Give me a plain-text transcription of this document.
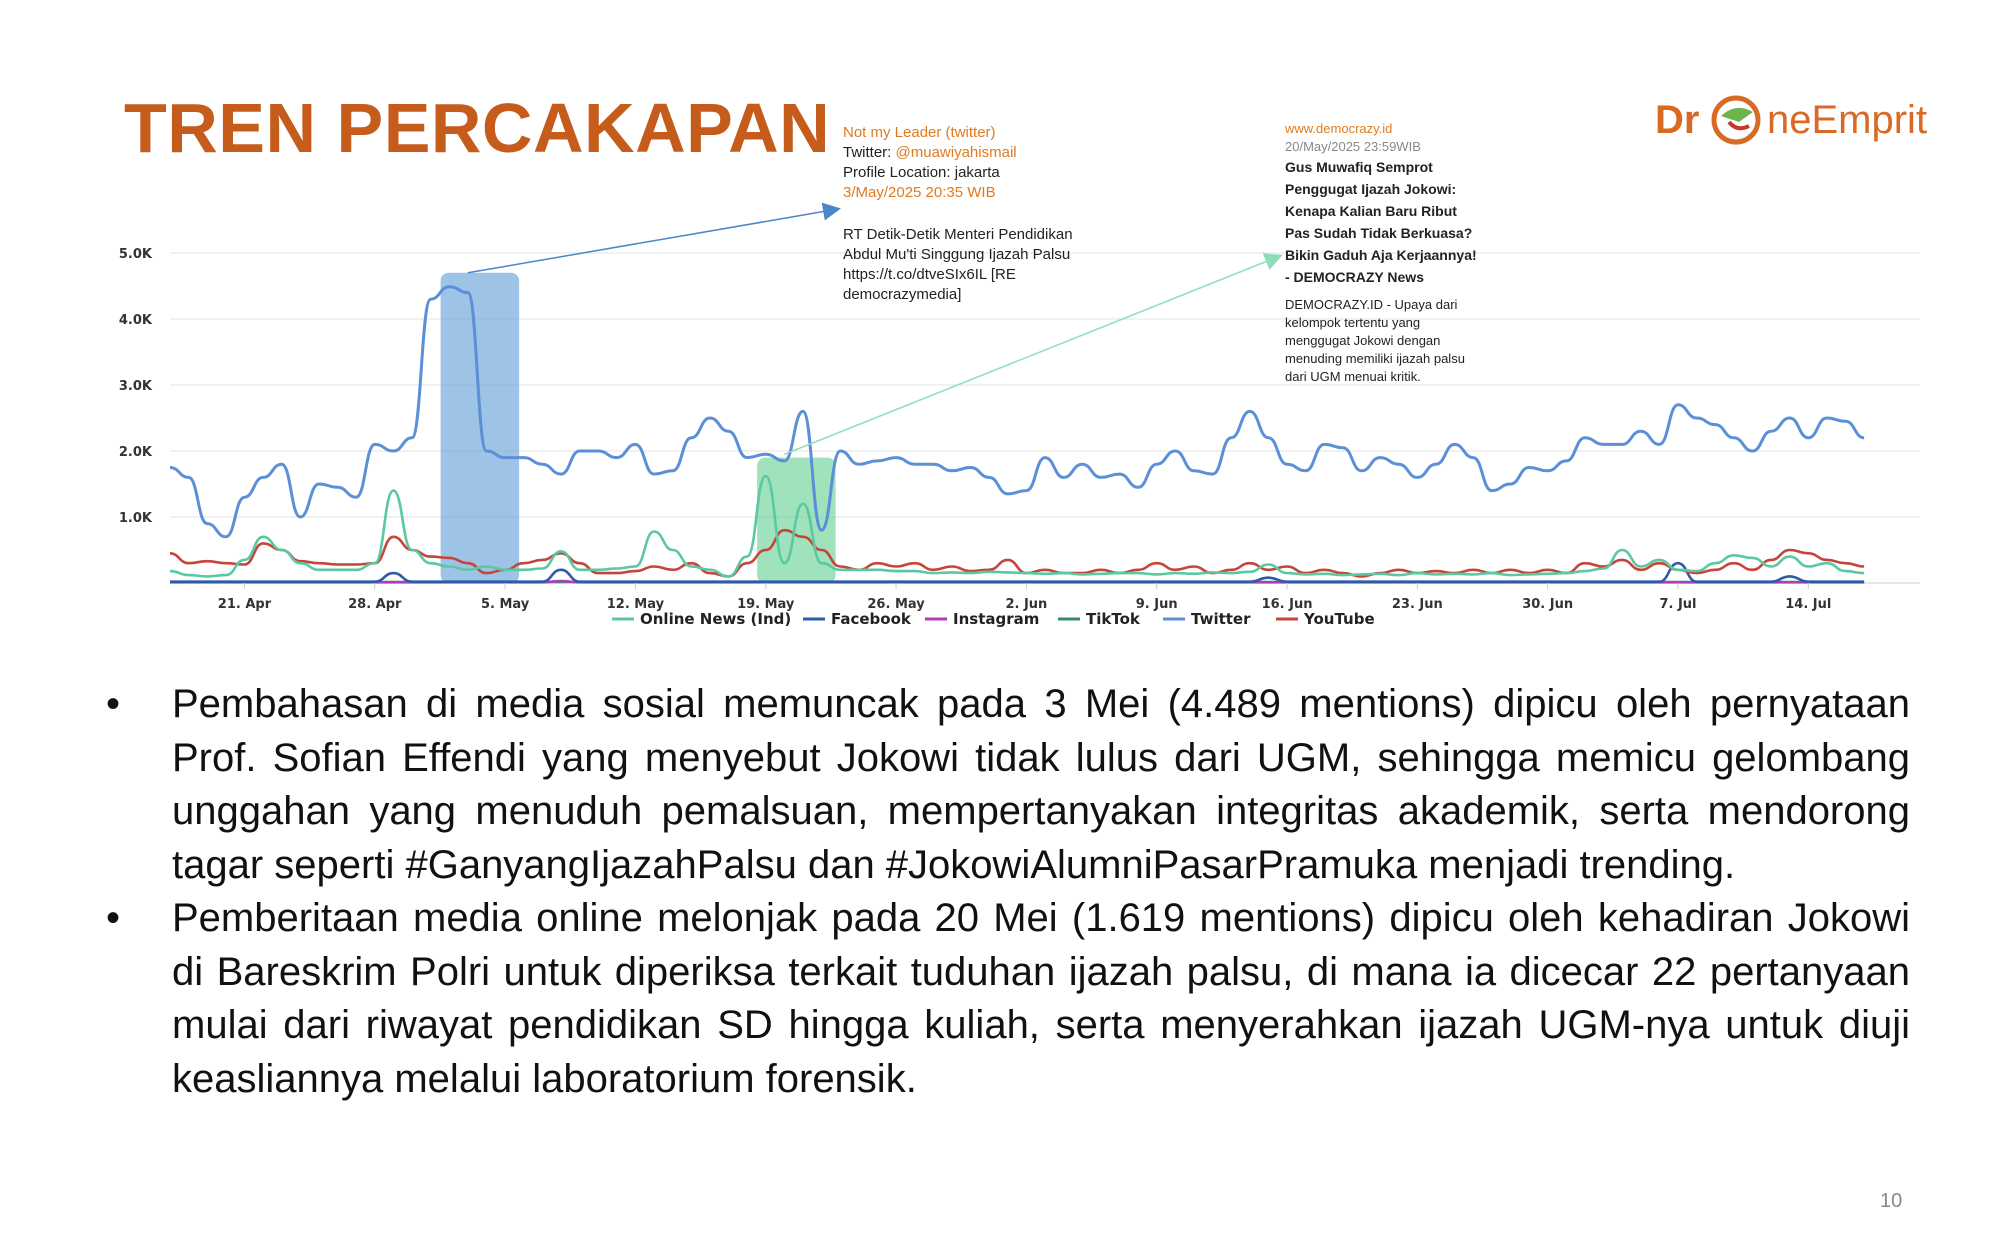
TREN PERCAKAPAN	Dr neEmprit
1.0K
2.0K
3.0K
4.0K
5.0K
21. Apr	28. Apr	5. May	12. May	19. May	26. May	2. Jun	9. Jun	16. Jun	23. Jun	30. Jun	7. Jul	14. Jul
Online News (Ind)	Facebook	Instagram	TikTok	Twitter	YouTube

Not my Leader (twitter)

Twitter: @muawiyahismail

Profile Location: jakarta

3/May/2025 20:35 WIB

RT Detik-Detik Menteri Pendidikan

Abdul Mu'ti Singgung Ijazah Palsu

https://t.co/dtveSIx6IL [RE

democrazymedia]

www.democrazy.id

20/May/2025 23:59WIB

Gus Muwafiq Semprot

Penggugat Ijazah Jokowi:

Kenapa Kalian Baru Ribut

Pas Sudah Tidak Berkuasa?

Bikin Gaduh Aja Kerjaannya!

- DEMOCRAZY News

DEMOCRAZY.ID - Upaya dari

kelompok tertentu yang

menggugat Jokowi dengan

menuding memiliki ijazah palsu

dari UGM menuai kritik.

• Pembahasan di media sosial memuncak pada 3 Mei (4.489 mentions) dipicu oleh pernyataan Prof. Sofian Effendi yang menyebut Jokowi tidak lulus dari UGM, sehingga memicu gelombang unggahan yang menuduh pemalsuan, mempertanyakan integritas akademik, serta mendorong tagar seperti #GanyangIjazahPalsu dan #JokowiAlumniPasarPramuka menjadi trending.
• Pemberitaan media online melonjak pada 20 Mei (1.619 mentions) dipicu oleh kehadiran Jokowi di Bareskrim Polri untuk diperiksa terkait tuduhan ijazah palsu, di mana ia dicecar 22 pertanyaan mulai dari riwayat pendidikan SD hingga kuliah, serta menyerahkan ijazah UGM-nya untuk diuji keasliannya melalui laboratorium forensik.
10
